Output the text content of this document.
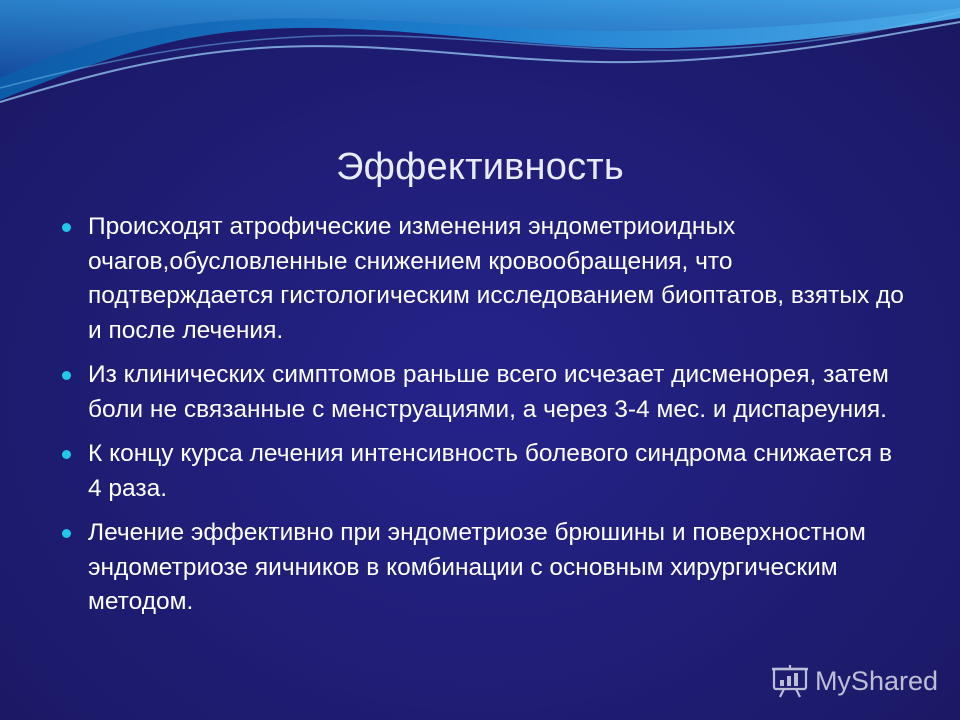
Эффективность
Происходят атрофические изменения эндометриоидных очагов,обусловленные снижением кровообращения, что подтверждается гистологическим исследованием биоптатов, взятых до и после лечения.
Из клинических симптомов раньше всего исчезает дисменорея, затем боли не связанные с менструациями, а через 3-4 мес. и диспареуния.
К концу курса лечения интенсивность болевого синдрома снижается в 4 раза.
Лечение эффективно при эндометриозе брюшины и поверхностном эндометриозе яичников в комбинации с основным хирургическим методом.
MyShared
